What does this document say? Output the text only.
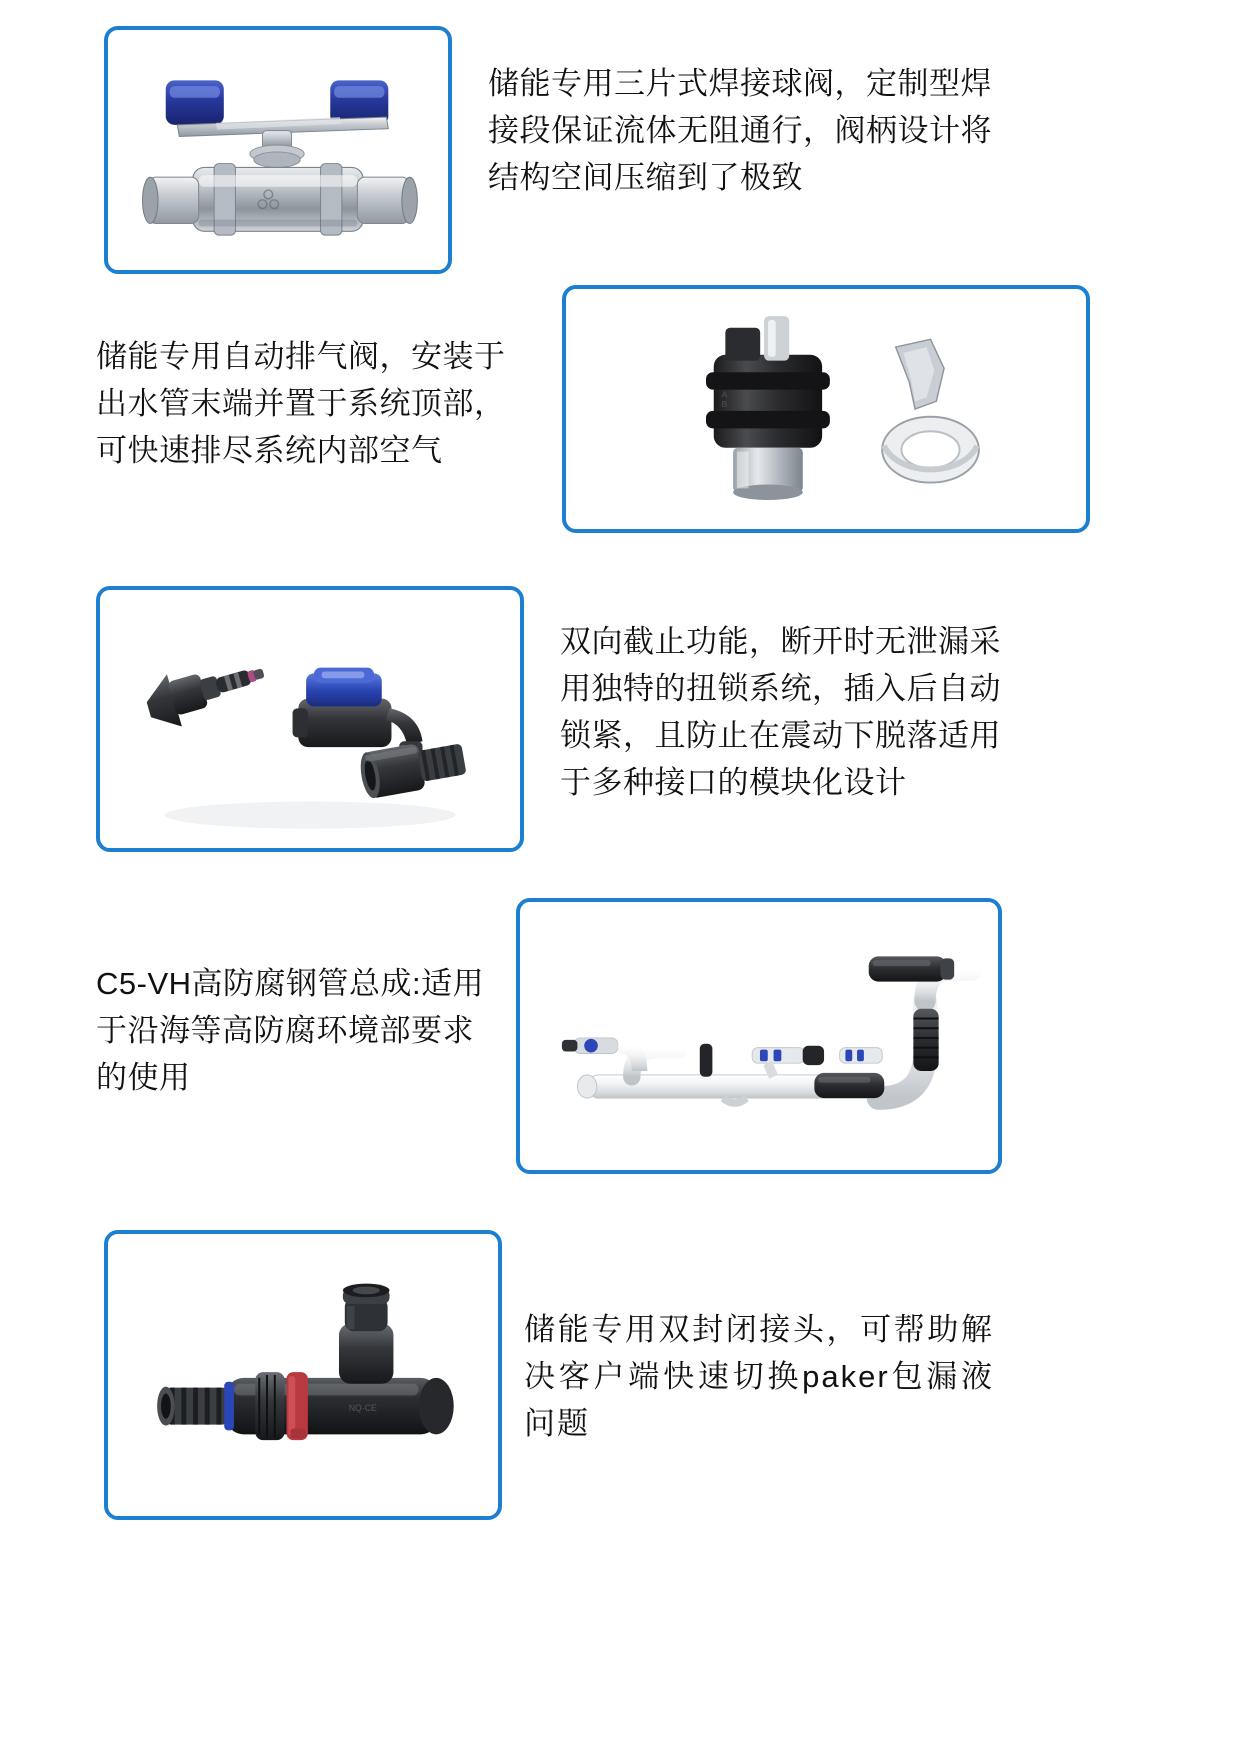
储能专用三片式焊接球阀，定制型焊接段保证流体无阻通行，阀柄设计将结构空间压缩到了极致
储能专用自动排气阀，安装于出水管末端并置于系统顶部，可快速排尽系统内部空气
A
B
双向截止功能，断开时无泄漏采用独特的扭锁系统，插入后自动锁紧，且防止在震动下脱落适用于多种接口的模块化设计
C5-VH高防腐钢管总成:适用于沿海等高防腐环境部要求的使用
NQ·CE
储能专用双封闭接头，可帮助解决客户端快速切换paker包漏液问题
